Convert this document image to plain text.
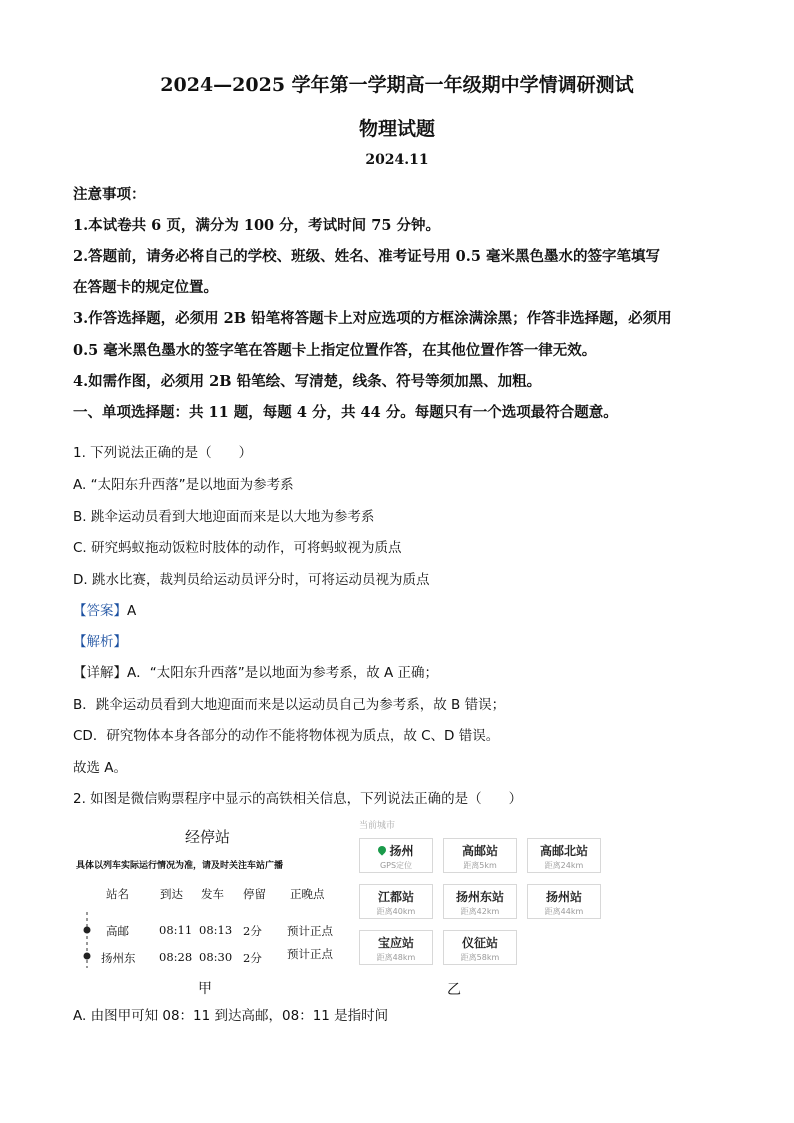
2024—2025 学年第一学期高一年级期中学情调研测试
物理试题
2024.11
注意事项：
1.本试卷共 6 页，满分为 100 分，考试时间 75 分钟。
2.答题前，请务必将自己的学校、班级、姓名、准考证号用 0.5 毫米黑色墨水的签字笔填写
在答题卡的规定位置。
3.作答选择题，必须用 2B 铅笔将答题卡上对应选项的方框涂满涂黑；作答非选择题，必须用
0.5 毫米黑色墨水的签字笔在答题卡上指定位置作答，在其他位置作答一律无效。
4.如需作图，必须用 2B 铅笔绘、写清楚，线条、符号等须加黑、加粗。
一、单项选择题：共 11 题，每题 4 分，共 44 分。每题只有一个选项最符合题意。
1. 下列说法正确的是（　　）
A. “太阳东升西落”是以地面为参考系
B. 跳伞运动员看到大地迎面而来是以大地为参考系
C. 研究蚂蚁拖动饭粒时肢体的动作，可将蚂蚁视为质点
D. 跳水比赛，裁判员给运动员评分时，可将运动员视为质点
【答案】A
【解析】
【详解】A．“太阳东升西落”是以地面为参考系，故 A 正确；
B．跳伞运动员看到大地迎面而来是以运动员自己为参考系，故 B 错误；
CD．研究物体本身各部分的动作不能将物体视为质点，故 C、D 错误。
故选 A。
2. 如图是微信购票程序中显示的高铁相关信息，下列说法正确的是（　　）
经停站
具体以列车实际运行情况为准，请及时关注车站广播
站名	到达 发车 停留 正晚点
高邮	08:11 08:13 2分 预计正点
扬州东 08:28 08:30 2分 预计正点
甲
当前城市
扬州
GPS定位
高邮站
距离5km
高邮北站
距离24km
江都站
距离40km
扬州东站
距离42km
扬州站
距离44km
宝应站
距离48km
仪征站
距离58km
乙
A. 由图甲可知 08：11 到达高邮，08：11 是指时间
